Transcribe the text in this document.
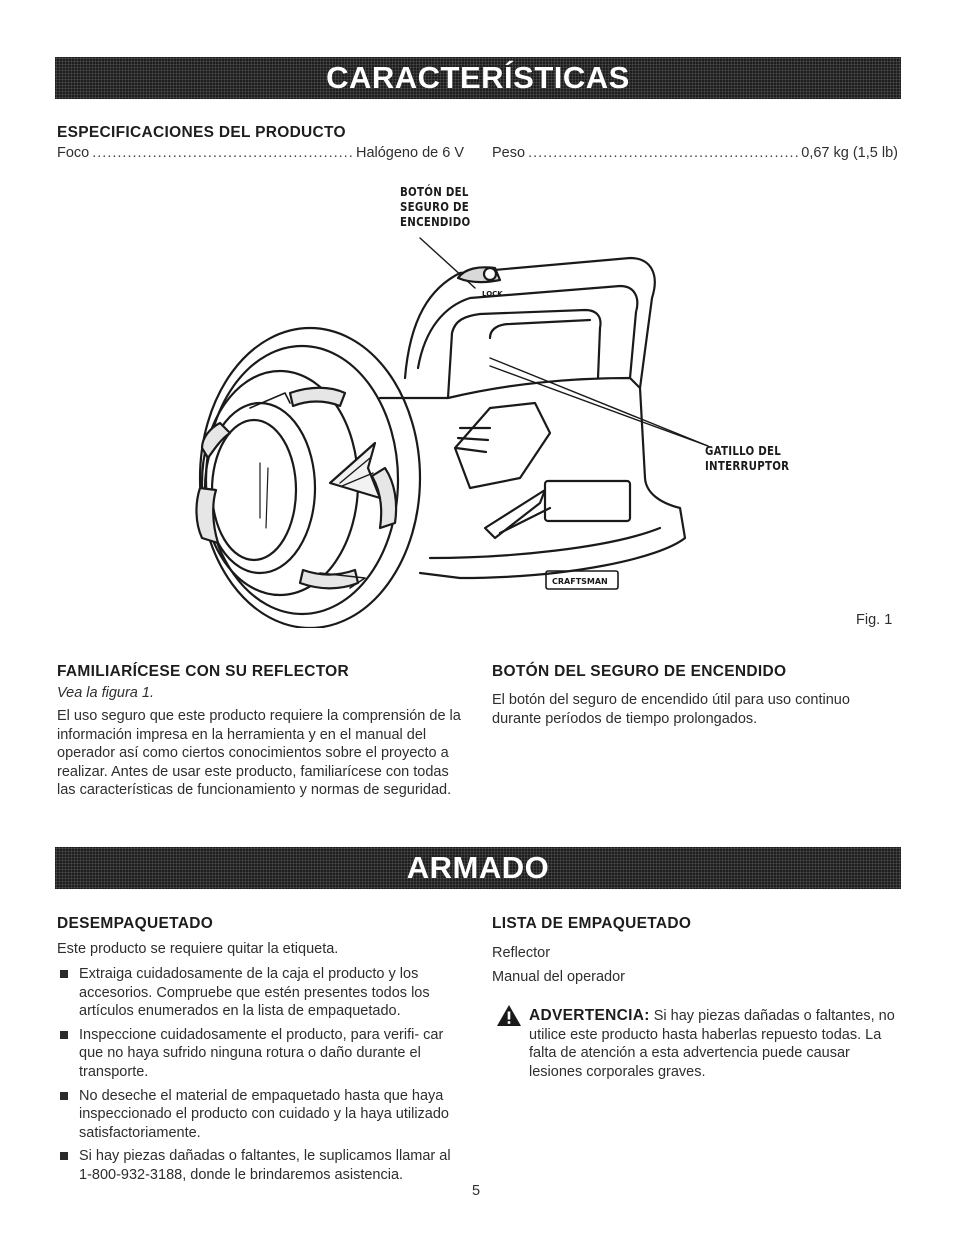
CARACTERÍSTICAS
ESPECIFICACIONES DEL PRODUCTO
Foco .....	Halógeno de 6 V Peso .....	0,67 kg (1,5 lb)
BOTÓN DEL
SEGURO DE
ENCENDIDO
GATILLO DEL
INTERRUPTOR
LOCK
CRAFTSMAN
Fig. 1
FAMILIARÍCESE CON SU REFLECTOR
Vea la figura 1.
El uso seguro que este producto requiere la comprensión de la información impresa en la herramienta y en el manual del operador así como ciertos conocimientos sobre el proyecto a realizar. Antes de usar este producto, familiarícese con todas las características de funcionamiento y normas de seguridad.
BOTÓN DEL SEGURO DE ENCENDIDO
El botón del seguro de encendido útil para uso continuo durante períodos de tiempo prolongados.
ARMADO
DESEMPAQUETADO
Este producto se requiere quitar la etiqueta.
Extraiga cuidadosamente de la caja el producto y los accesorios. Compruebe que estén presentes todos los artículos enumerados en la lista de empaquetado.
Inspeccione cuidadosamente el producto, para verifi- car que no haya sufrido ninguna rotura o daño durante el transporte.
No deseche el material de empaquetado hasta que haya inspeccionado el producto con cuidado y la haya utilizado satisfactoriamente.
Si hay piezas dañadas o faltantes, le suplicamos llamar al 1-800-932-3188, donde le brindaremos asistencia.
LISTA DE EMPAQUETADO
Reflector
Manual del operador
ADVERTENCIA: Si hay piezas dañadas o faltantes, no utilice este producto hasta haberlas repuesto todas. La falta de atención a esta advertencia puede causar lesiones corporales graves.
5
